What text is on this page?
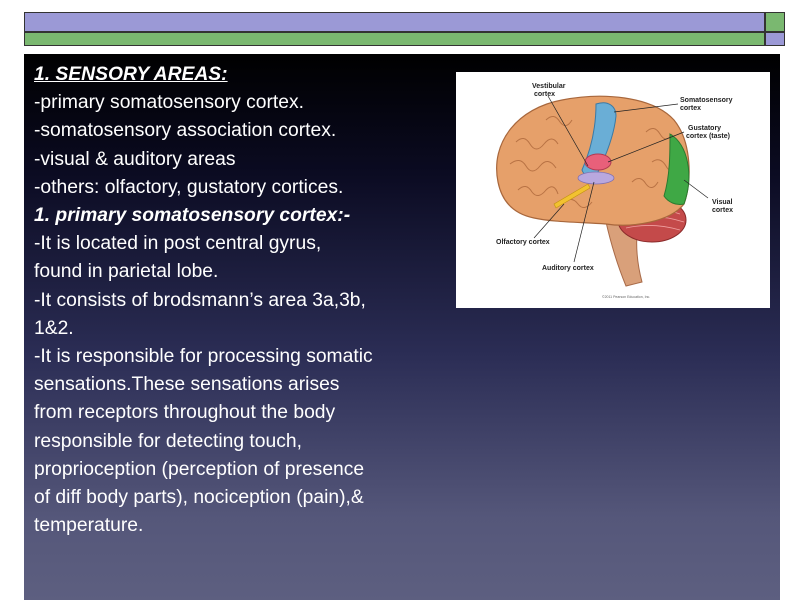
1. SENSORY AREAS:
-primary somatosensory cortex.
-somatosensory association cortex.
-visual & auditory areas
-others: olfactory, gustatory cortices.
1. primary somatosensory cortex:-
-It is located in post central gyrus,
found in parietal lobe.
-It consists of brodsmann’s area 3a,3b,
1&2.
-It is responsible for processing somatic
sensations.These sensations arises
from receptors throughout the body
responsible for detecting touch,
proprioception (perception of presence
of diff body parts), nociception (pain),&
temperature.
Vestibular
cortex
Somatosensory
cortex
Gustatory
cortex (taste)
Visual
cortex
Olfactory cortex
Auditory cortex
©2011 Pearson Education, Inc.
